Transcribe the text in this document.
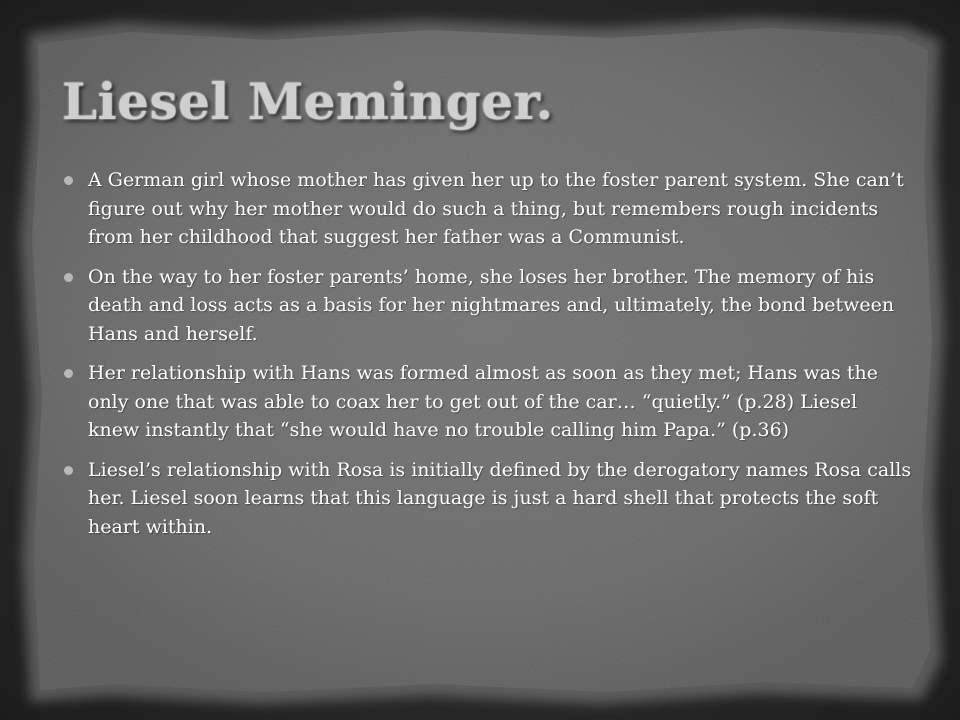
Liesel Meminger.
A German girl whose mother has given her up to the foster parent system. She can’t figure out why her mother would do such a thing, but remembers rough incidents from her childhood that suggest her father was a Communist.
On the way to her foster parents’ home, she loses her brother. The memory of his death and loss acts as a basis for her nightmares and, ultimately, the bond between Hans and herself.
Her relationship with Hans was formed almost as soon as they met; Hans was the only one that was able to coax her to get out of the car… “quietly.” (p.28) Liesel knew instantly that “she would have no trouble calling him Papa.” (p.36)
Liesel’s relationship with Rosa is initially defined by the derogatory names Rosa calls her. Liesel soon learns that this language is just a hard shell that protects the soft heart within.
